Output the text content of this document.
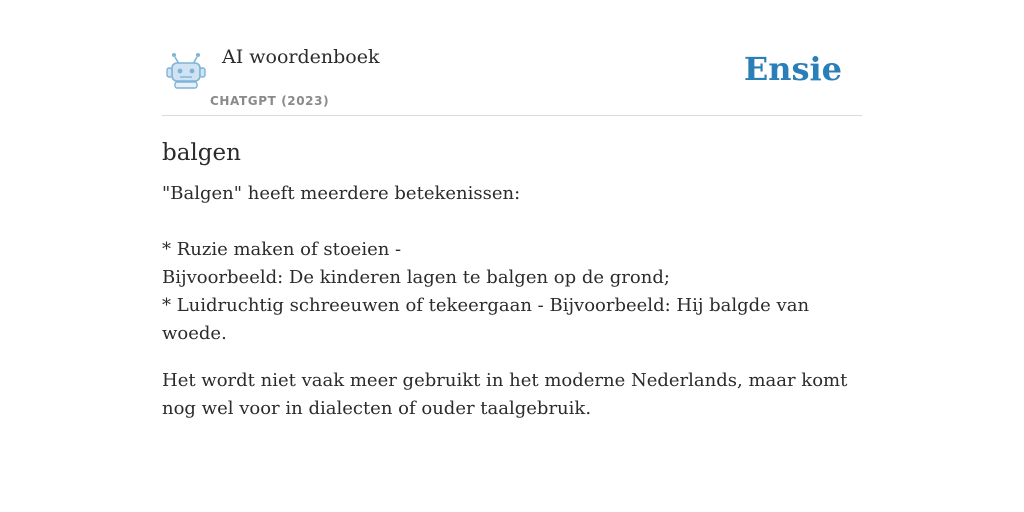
AI woordenboek
CHATGPT (2023)
Ensie
balgen

"Balgen" heeft meerdere betekenissen:

* Ruzie maken of stoeien -

Bijvoorbeeld: De kinderen lagen te balgen op de grond;

* Luidruchtig schreeuwen of tekeergaan - Bijvoorbeeld: Hij balgde van woede.

Het wordt niet vaak meer gebruikt in het moderne Nederlands, maar komt nog wel voor in dialecten of ouder taalgebruik.
